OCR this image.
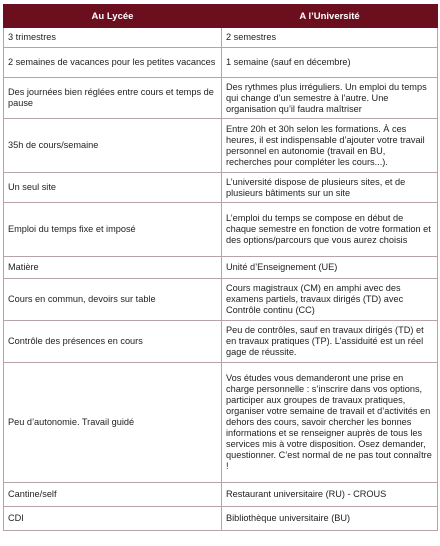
Au Lycée	A l’Université
3 trimestres	2 semestres
2 semaines de vacances pour les petites vacances	1 semaine (sauf en décembre)
Des journées bien réglées entre cours et temps de pause	Des rythmes plus irréguliers. Un emploi du temps qui change d’un semestre à l’autre. Une organisation qu’il faudra maîtriser
35h de cours/semaine	Entre 20h et 30h selon les formations. À ces heures, il est indispensable d’ajouter votre travail personnel en autonomie (travail en BU, recherches pour compléter les cours...).
Un seul site	L’université dispose de plusieurs sites, et de plusieurs bâtiments sur un site
Emploi du temps fixe et imposé	L’emploi du temps se compose en début de chaque semestre en fonction de votre formation et des options/parcours que vous aurez choisis
Matière	Unité d’Enseignement (UE)
Cours en commun, devoirs sur table	Cours magistraux (CM) en amphi avec des examens partiels, travaux dirigés (TD) avec Contrôle continu (CC)
Contrôle des présences en cours	Peu de contrôles, sauf en travaux dirigés (TD) et en travaux pratiques (TP). L’assiduité est un réel gage de réussite.
Peu d’autonomie. Travail guidé	Vos études vous demanderont une prise en charge personnelle : s’inscrire dans vos options, participer aux groupes de travaux pratiques, organiser votre semaine de travail et d’activités en dehors des cours, savoir chercher les bonnes informations et se renseigner auprès de tous les services mis à votre disposition. Osez demander, questionner. C’est normal de ne pas tout connaître !
Cantine/self	Restaurant universitaire (RU) - CROUS
CDI	Bibliothèque universitaire (BU)
